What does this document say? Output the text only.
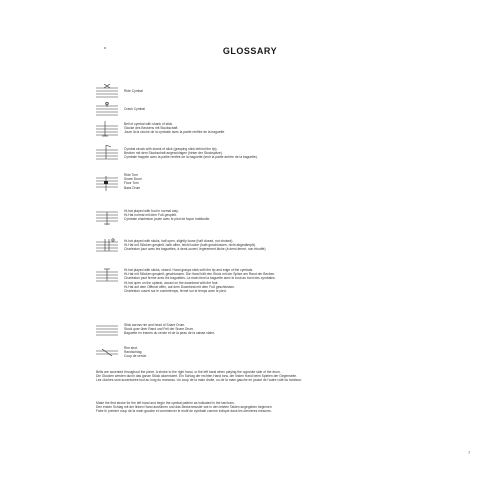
GLOSSARY
Ride Cymbal
Crash Cymbal
Bell of cymbal with shank of stick.
Glocke des Beckens mit Stockschaft.
Jouer la la cloche de la cymbale avec la partie renflée de la baguette.
Cymbal struck with shank of stick (grasping stick behind the tip).
Becken mit dem Stockschaft angeschlagen (hinter der Stockspitze).
Cymbale frappée avec la partie renflée de la baguette (tenir la partie arrière de la baguette).
Ride Tom
Snare Drum
Floor Tom
Bass Drum
Hi-hat played with foot in normal way.
Hi-Hat normal mit dem Fuß gespielt.
Cymbale charleston jouée avec le pied de façon habituelle.
Hi-hat played with sticks, half open, slightly loose (half closed, not choked).
Hi-Hat mit Stöcken gespielt, halb offen, leicht locker (halb geschlossen, nicht abgedämpft).
Charleston joué avec les baguettes, à demi-ouvert, légèrement lâche (à demi-fermé, non étouffé).
Hi-hat played with sticks, closed. Hand grasps stick with the tip and edge of the cymbals.
Hi-Hat mit Stöcken gespielt, geschlossen. Die Hand hält den Stock mit der Spitze am Rand der Becken.
Charleston joué fermé avec les baguettes. La main tient la baguette avec le bout au bord des cymbales.
Hi-hat open on the upbeat, closed on the downbeat with the foot.
Hi-Hat auf dem Offbeat offen, auf dem Downbeat mit dem Fuß geschlossen.
Charleston ouvert sur le contretemps, fermé sur le temps avec le pied.
Stick across rim and head of Snare Drum.
Stock quer über Rand und Fell der Snare Drum.
Baguette en travers du cercle et de la peau de la caisse claire.
Rim shot.
Randschlag.
Coup de cercle.
Bells are accented throughout the piece. A stroke to the right hand, or the left hand when playing the opposite side of the drum.
Die Glocken werden durch das ganze Stück akzentuiert. Ein Schlag der rechten Hand bzw. der linken Hand beim Spielen der Gegenseite.
Les cloches sont accentuées tout au long du morceau. Un coup de la main droite, ou de la main gauche en jouant de l'autre côté du tambour.
Make the first stroke for the left hand and begin the cymbal pattern as indicated in the last bars.
Den ersten Schlag mit der linken Hand ausführen und das Beckenmuster wie in den letzten Takten angegeben beginnen.
Faire le premier coup de la main gauche et commencer le motif de cymbale comme indiqué dans les dernières mesures.
7
